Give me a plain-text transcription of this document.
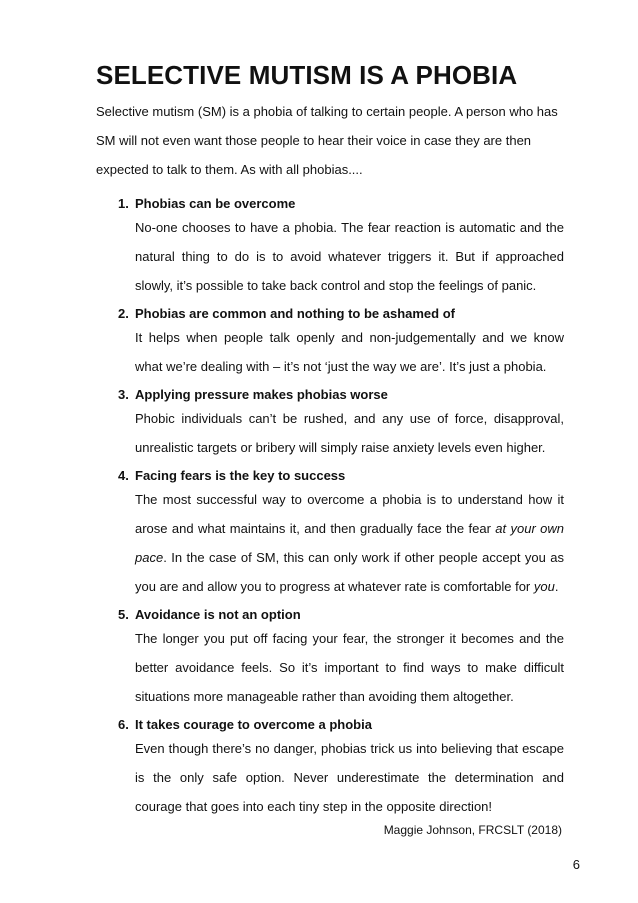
SELECTIVE MUTISM IS A PHOBIA

Selective mutism (SM) is a phobia of talking to certain people. A person who has SM will not even want those people to hear their voice in case they are then expected to talk to them. As with all phobias....

1. Phobias can be overcome

No-one chooses to have a phobia. The fear reaction is automatic and the natural thing to do is to avoid whatever triggers it. But if approached slowly, it’s possible to take back control and stop the feelings of panic.

2. Phobias are common and nothing to be ashamed of

It helps when people talk openly and non-judgementally and we know what we’re dealing with – it’s not ‘just the way we are’. It’s just a phobia.

3. Applying pressure makes phobias worse

Phobic individuals can’t be rushed, and any use of force, disapproval, unrealistic targets or bribery will simply raise anxiety levels even higher.

4. Facing fears is the key to success

The most successful way to overcome a phobia is to understand how it arose and what maintains it, and then gradually face the fear at your own pace. In the case of SM, this can only work if other people accept you as you are and allow you to progress at whatever rate is comfortable for you.

5. Avoidance is not an option

The longer you put off facing your fear, the stronger it becomes and the better avoidance feels. So it’s important to find ways to make difficult situations more manageable rather than avoiding them altogether.

6. It takes courage to overcome a phobia

Even though there’s no danger, phobias trick us into believing that escape is the only safe option. Never underestimate the determination and courage that goes into each tiny step in the opposite direction!

Maggie Johnson, FRCSLT (2018)
6
